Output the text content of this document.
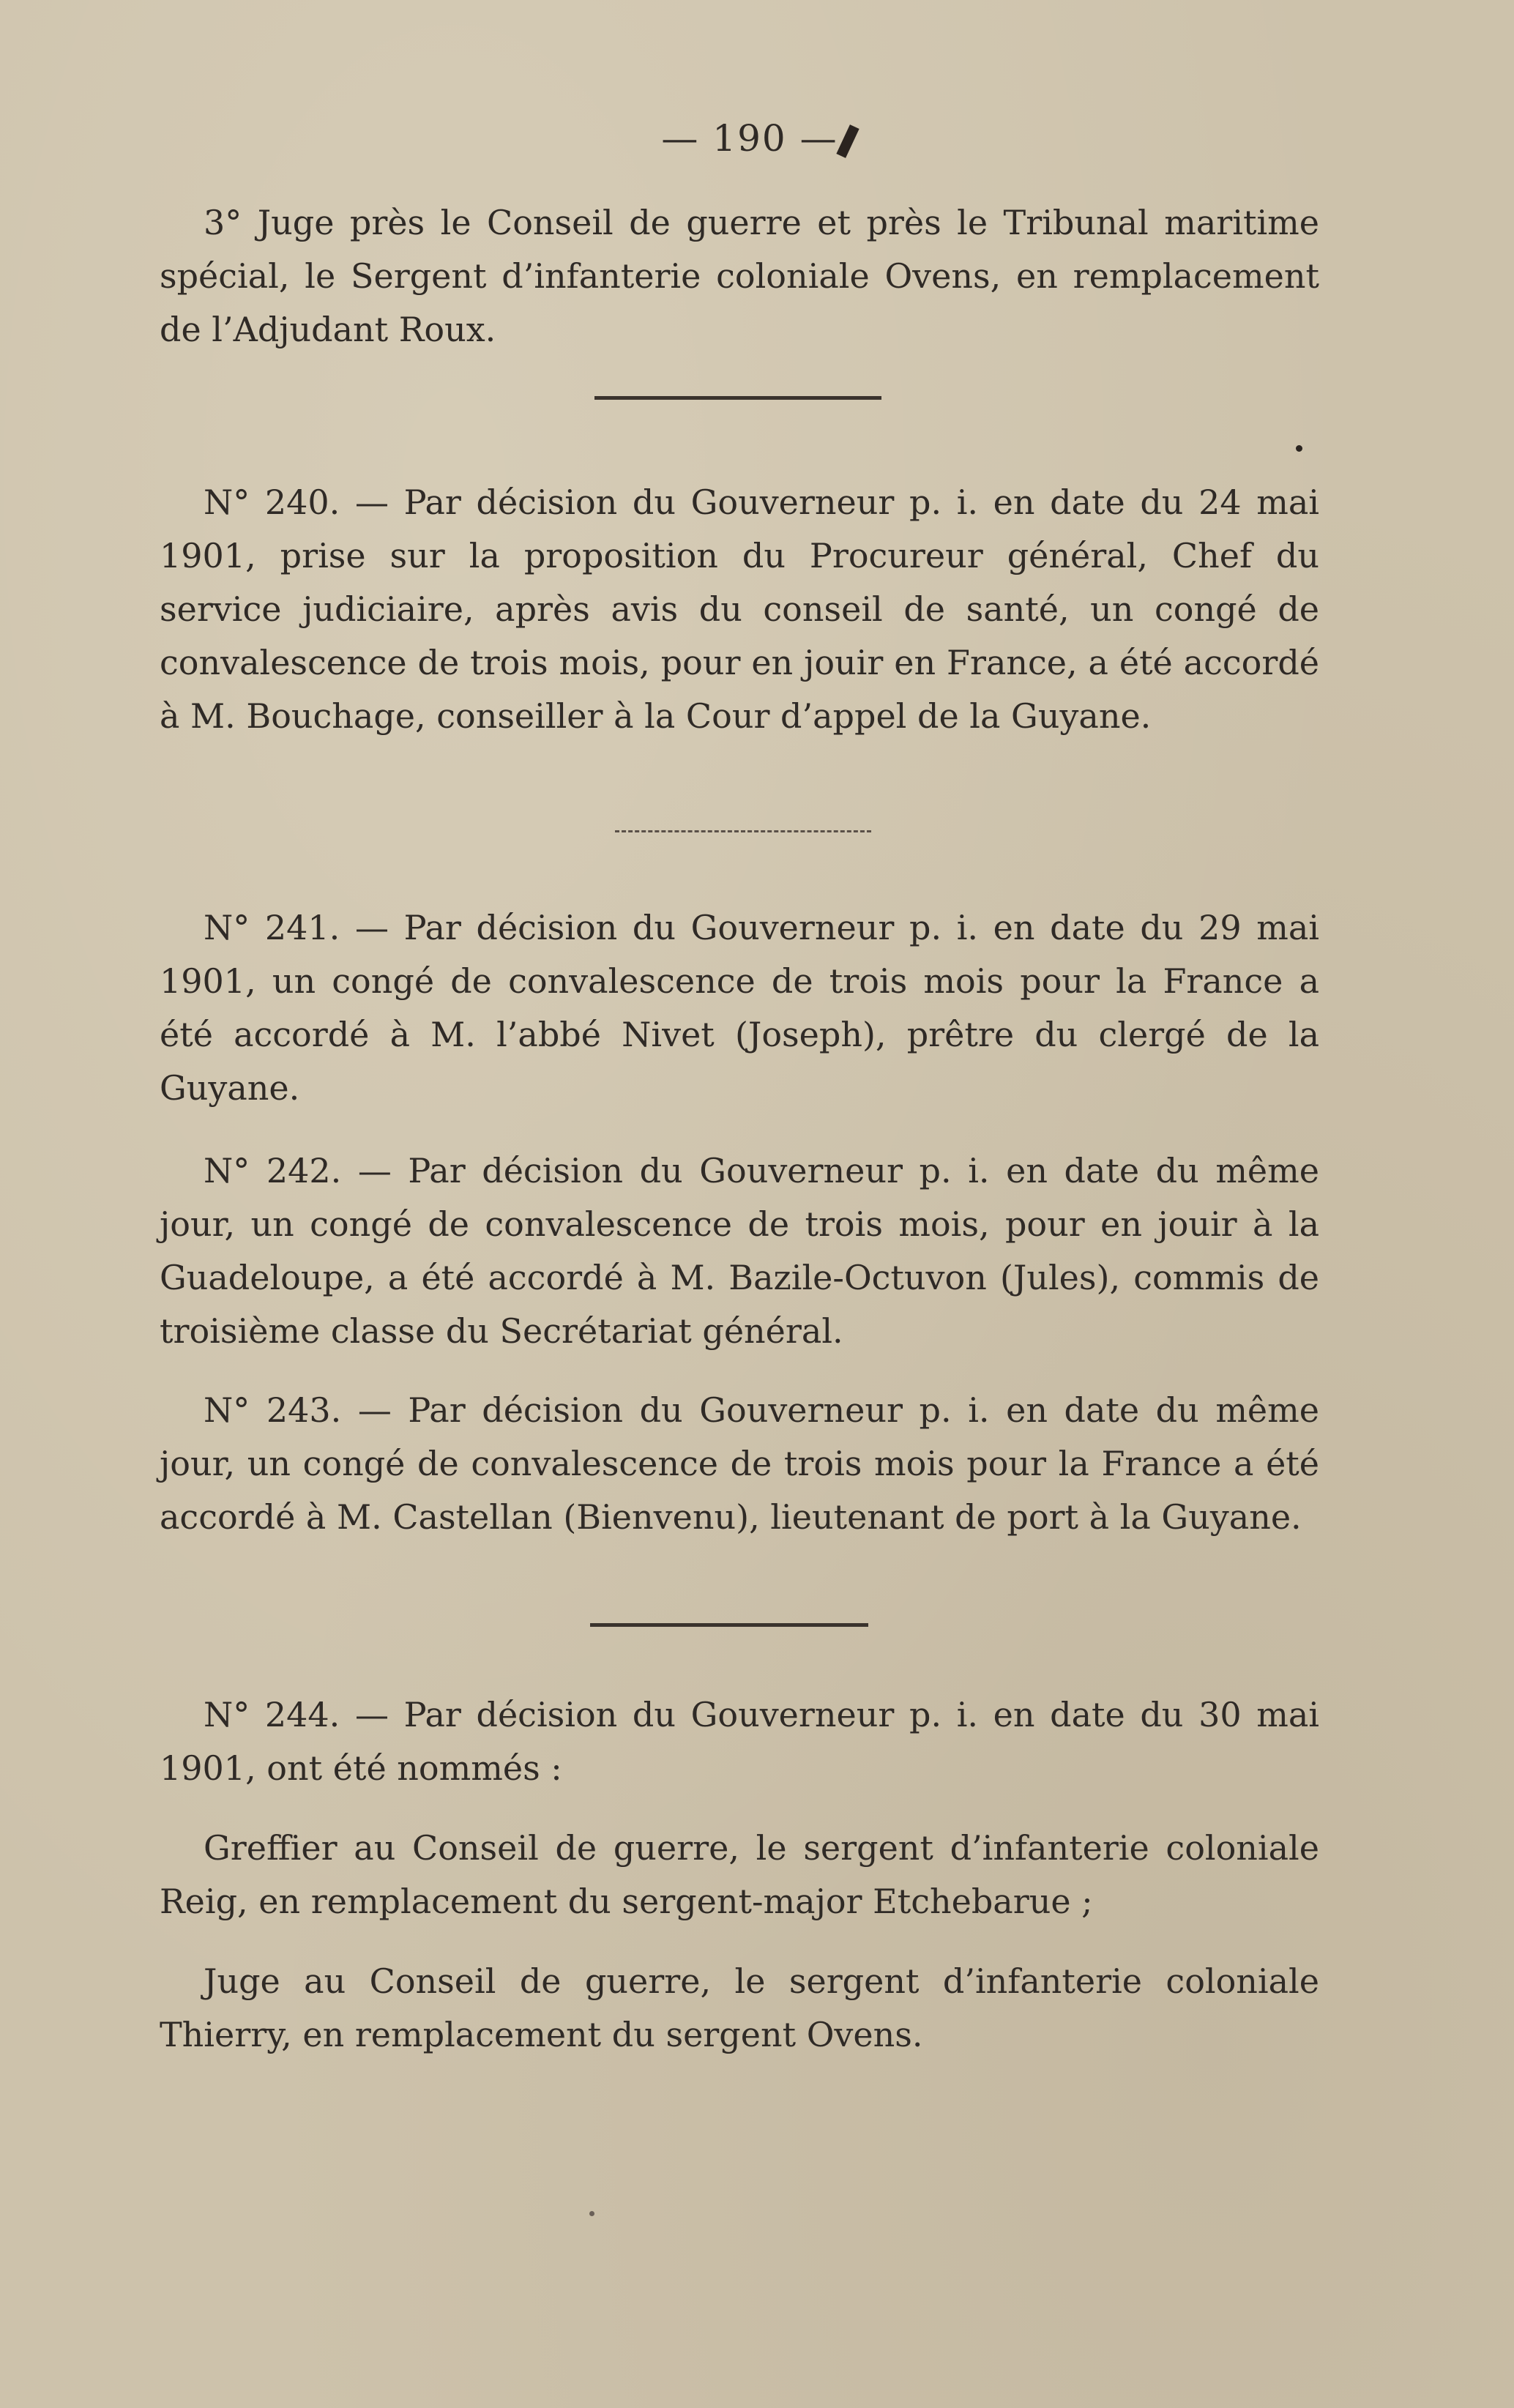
— 190 —

3° Juge près le Conseil de guerre et près le Tribunal maritime spécial, le Sergent d’infanterie coloniale Ovens, en remplacement de l’Adjudant Roux.

N° 240. — Par décision du Gouverneur p. i. en date du 24 mai 1901, prise sur la proposition du Procureur général, Chef du service judiciaire, après avis du conseil de santé, un congé de convalescence de trois mois, pour en jouir en France, a été accordé à M. Bouchage, conseiller à la Cour d’appel de la Guyane.

N° 241. — Par décision du Gouverneur p. i. en date du 29 mai 1901, un congé de convalescence de trois mois pour la France a été accordé à M. l’abbé Nivet (Joseph), prêtre du clergé de la Guyane.

N° 242. — Par décision du Gouverneur p. i. en date du même jour, un congé de convalescence de trois mois, pour en jouir à la Guadeloupe, a été accordé à M. Bazile-Octuvon (Jules), commis de troisième classe du Secrétariat général.

N° 243. — Par décision du Gouverneur p. i. en date du même jour, un congé de convalescence de trois mois pour la France a été accordé à M. Castellan (Bienvenu), lieutenant de port à la Guyane.

N° 244. — Par décision du Gouverneur p. i. en date du 30 mai 1901, ont été nommés :

Greffier au Conseil de guerre, le sergent d’infanterie coloniale Reig, en remplacement du sergent-major Etchebarue ;

Juge au Conseil de guerre, le sergent d’infanterie coloniale Thierry, en remplacement du sergent Ovens.
